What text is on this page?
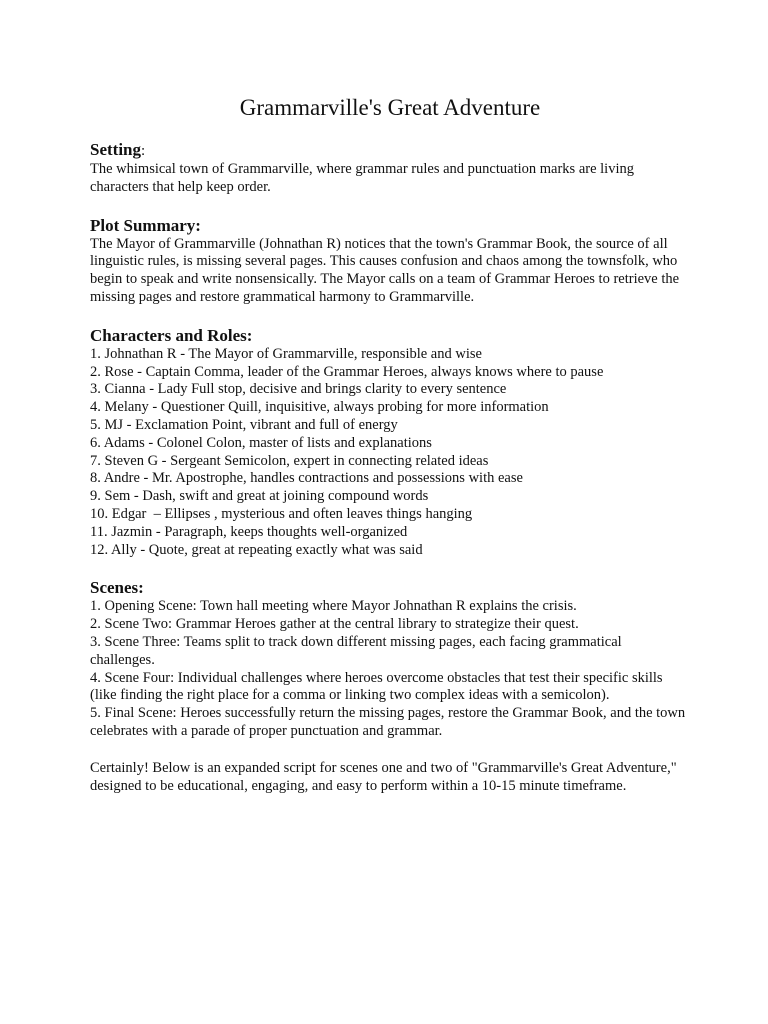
Grammarville's Great Adventure
Setting:

The whimsical town of Grammarville, where grammar rules and punctuation marks are living characters that help keep order.

Plot Summary:

The Mayor of Grammarville (Johnathan R) notices that the town's Grammar Book, the source of all linguistic rules, is missing several pages. This causes confusion and chaos among the townsfolk, who begin to speak and write nonsensically. The Mayor calls on a team of Grammar Heroes to retrieve the missing pages and restore grammatical harmony to Grammarville.

Characters and Roles:
1. Johnathan R - The Mayor of Grammarville, responsible and wise
2. Rose - Captain Comma, leader of the Grammar Heroes, always knows where to pause
3. Cianna - Lady Full stop, decisive and brings clarity to every sentence
4. Melany - Questioner Quill, inquisitive, always probing for more information
5. MJ - Exclamation Point, vibrant and full of energy
6. Adams - Colonel Colon, master of lists and explanations
7. Steven G - Sergeant Semicolon, expert in connecting related ideas
8. Andre - Mr. Apostrophe, handles contractions and possessions with ease
9. Sem - Dash, swift and great at joining compound words
10. Edgar  – Ellipses , mysterious and often leaves things hanging
11. Jazmin - Paragraph, keeps thoughts well-organized
12. Ally - Quote, great at repeating exactly what was said
Scenes:
1. Opening Scene: Town hall meeting where Mayor Johnathan R explains the crisis.
2. Scene Two: Grammar Heroes gather at the central library to strategize their quest.
3. Scene Three: Teams split to track down different missing pages, each facing grammatical challenges.
4. Scene Four: Individual challenges where heroes overcome obstacles that test their specific skills (like finding the right place for a comma or linking two complex ideas with a semicolon).
5. Final Scene: Heroes successfully return the missing pages, restore the Grammar Book, and the town celebrates with a parade of proper punctuation and grammar.

Certainly! Below is an expanded script for scenes one and two of "Grammarville's Great Adventure," designed to be educational, engaging, and easy to perform within a 10-15 minute timeframe.
